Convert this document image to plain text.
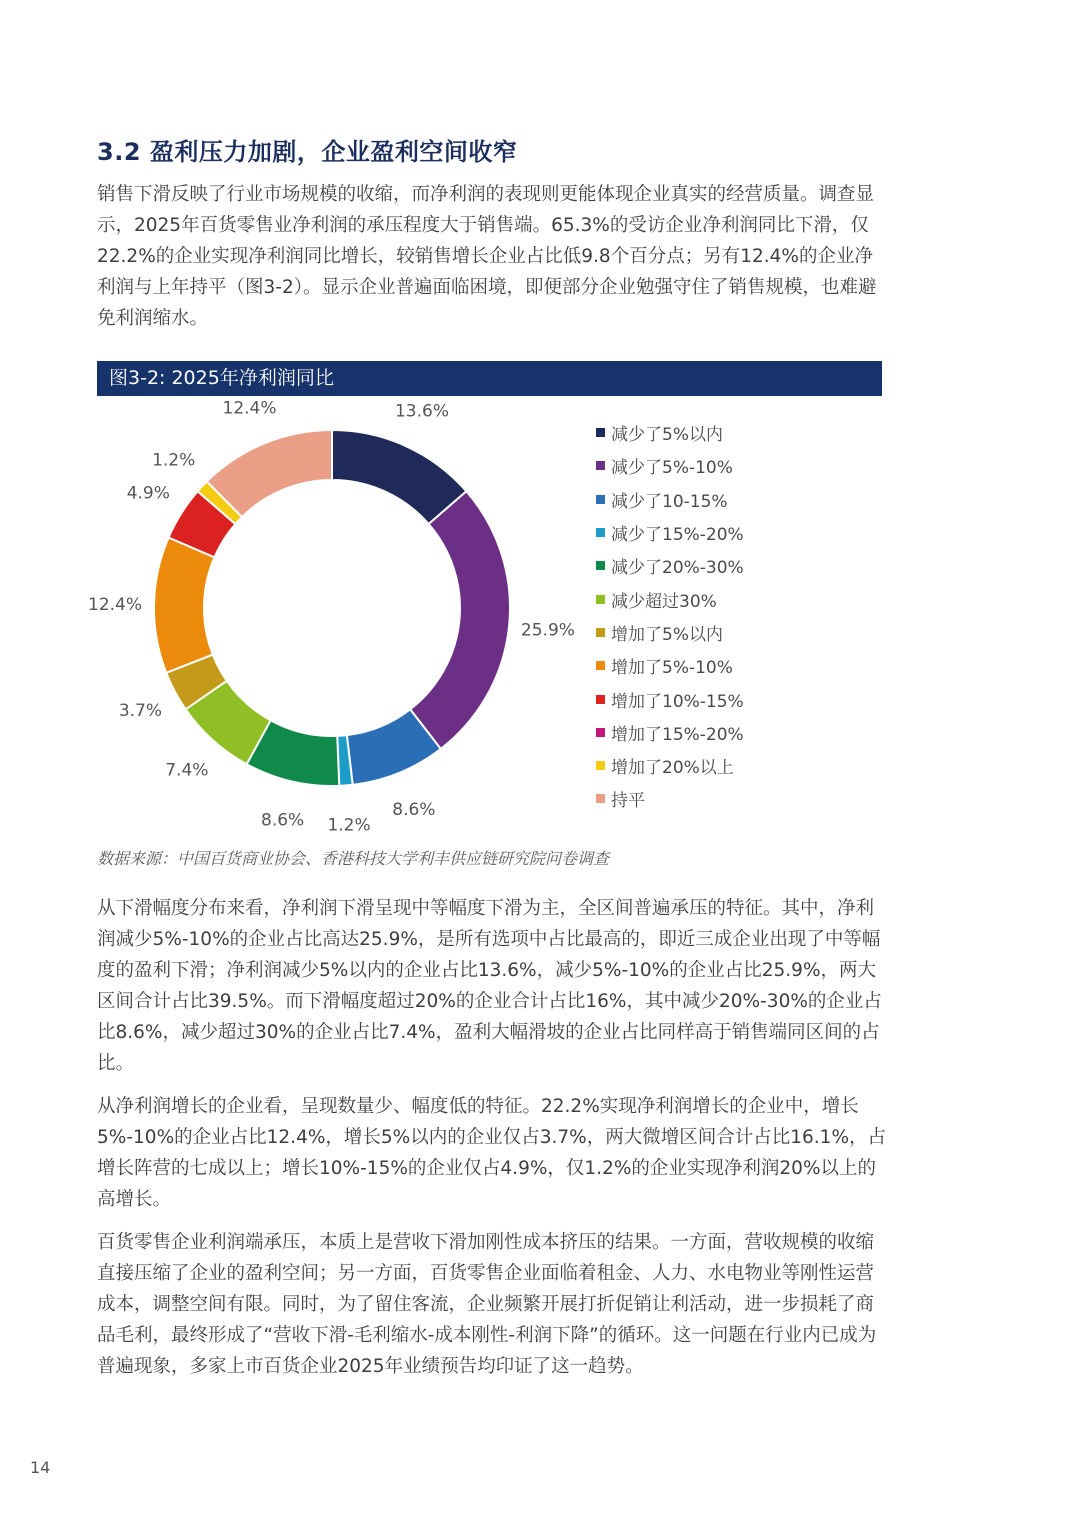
3.2 盈利压力加剧，企业盈利空间收窄

销售下滑反映了行业市场规模的收缩，而净利润的表现则更能体现企业真实的经营质量。调查显示，2025年百货零售业净利润的承压程度大于销售端。65.3%的受访企业净利润同比下滑，仅22.2%的企业实现净利润同比增长，较销售增长企业占比低9.8个百分点；另有12.4%的企业净利润与上年持平（图3-2）。显示企业普遍面临困境，即便部分企业勉强守住了销售规模，也难避免利润缩水。

图3-2: 2025年净利润同比
13.6%
25.9%
8.6%
1.2%
8.6%
7.4%
3.7%
12.4%
4.9%
1.2%
12.4%
减少了5%以内
减少了5%-10%
减少了10-15%
减少了15%-20%
减少了20%-30%
减少超过30%
增加了5%以内
增加了5%-10%
增加了10%-15%
增加了15%-20%
增加了20%以上
持平
数据来源：中国百货商业协会、香港科技大学利丰供应链研究院问卷调查

从下滑幅度分布来看，净利润下滑呈现中等幅度下滑为主，全区间普遍承压的特征。其中，净利润减少5%-10%的企业占比高达25.9%，是所有选项中占比最高的，即近三成企业出现了中等幅度的盈利下滑；净利润减少5%以内的企业占比13.6%，减少5%-10%的企业占比25.9%，两大区间合计占比39.5%。而下滑幅度超过20%的企业合计占比16%，其中减少20%-30%的企业占比8.6%，减少超过30%的企业占比7.4%，盈利大幅滑坡的企业占比同样高于销售端同区间的占比。

从净利润增长的企业看，呈现数量少、幅度低的特征。22.2%实现净利润增长的企业中，增长5%-10%的企业占比12.4%，增长5%以内的企业仅占3.7%，两大微增区间合计占比16.1%，占增长阵营的七成以上；增长10%-15%的企业仅占4.9%，仅1.2%的企业实现净利润20%以上的高增长。

百货零售企业利润端承压，本质上是营收下滑加刚性成本挤压的结果。一方面，营收规模的收缩直接压缩了企业的盈利空间；另一方面，百货零售企业面临着租金、人力、水电物业等刚性运营成本，调整空间有限。同时，为了留住客流，企业频繁开展打折促销让利活动，进一步损耗了商品毛利，最终形成了“营收下滑-毛利缩水-成本刚性-利润下降”的循环。这一问题在行业内已成为普遍现象，多家上市百货企业2025年业绩预告均印证了这一趋势。

14
